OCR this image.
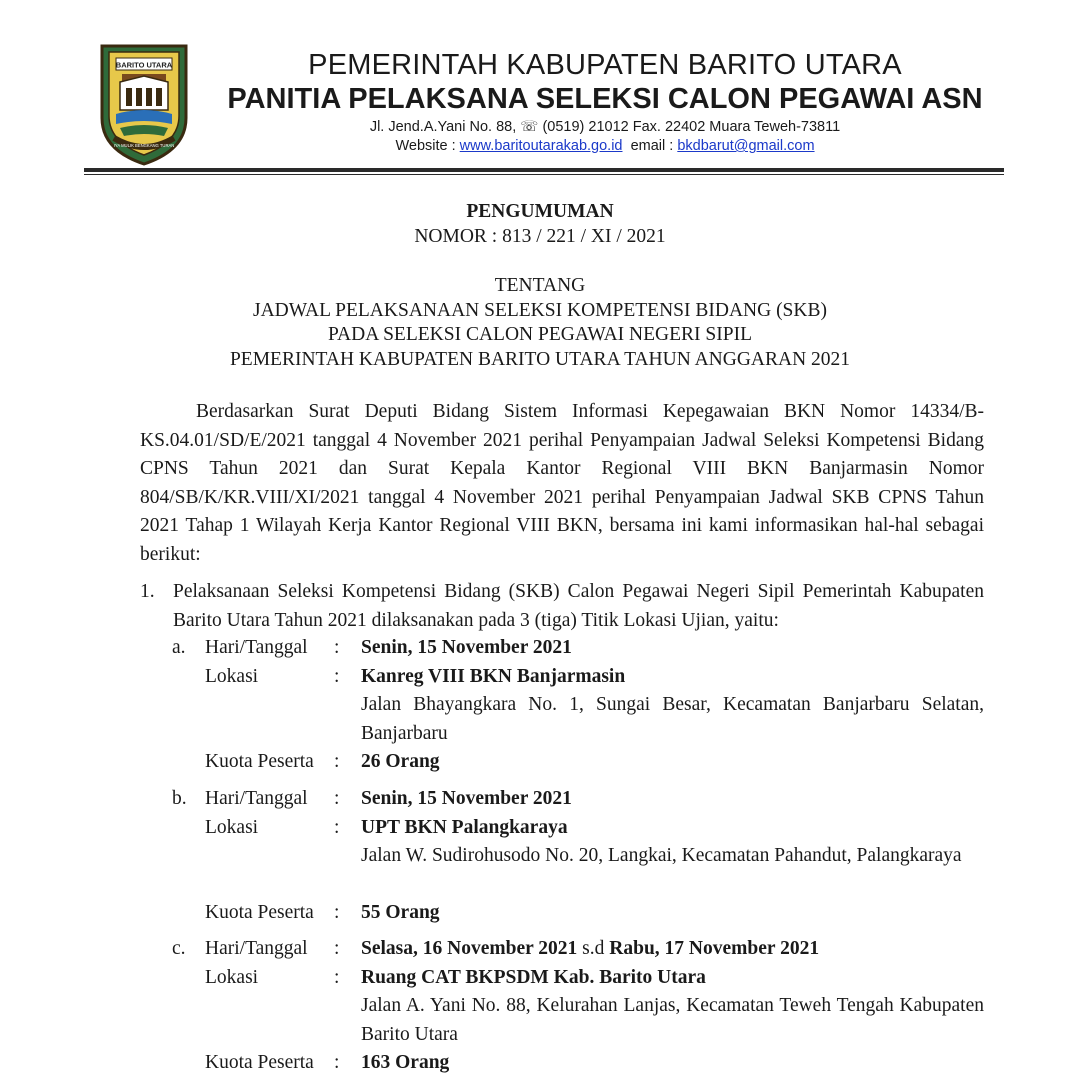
BARITO UTARA
IYA MULIK BENGKANG TURAN
PEMERINTAH KABUPATEN BARITO UTARA
PANITIA PELAKSANA SELEKSI CALON PEGAWAI ASN
Jl. Jend.A.Yani No. 88, ☏ (0519) 21012 Fax. 22402 Muara Teweh-73811
Website : www.baritoutarakab.go.id email : bkdbarut@gmail.com
PENGUMUMAN
NOMOR : 813 / 221 / XI / 2021
TENTANG
JADWAL PELAKSANAAN SELEKSI KOMPETENSI BIDANG (SKB)
PADA SELEKSI CALON PEGAWAI NEGERI SIPIL
PEMERINTAH KABUPATEN BARITO UTARA TAHUN ANGGARAN 2021
Berdasarkan Surat Deputi Bidang Sistem Informasi Kepegawaian BKN Nomor 14334/B-KS.04.01/SD/E/2021 tanggal 4 November 2021 perihal Penyampaian Jadwal Seleksi Kompetensi Bidang CPNS Tahun 2021 dan Surat Kepala Kantor Regional VIII BKN Banjarmasin Nomor 804/SB/K/KR.VIII/XI/2021 tanggal 4 November 2021 perihal Penyampaian Jadwal SKB CPNS Tahun 2021 Tahap 1 Wilayah Kerja Kantor Regional VIII BKN, bersama ini kami informasikan hal-hal sebagai berikut:
1. Pelaksanaan Seleksi Kompetensi Bidang (SKB) Calon Pegawai Negeri Sipil Pemerintah Kabupaten Barito Utara Tahun 2021 dilaksanakan pada 3 (tiga) Titik Lokasi Ujian, yaitu:
a. Hari/Tanggal : Senin, 15 November 2021
Lokasi	: Kanreg VIII BKN Banjarmasin
Jalan Bhayangkara No. 1, Sungai Besar, Kecamatan Banjarbaru Selatan, Banjarbaru
Kuota Peserta : 26 Orang
b. Hari/Tanggal : Senin, 15 November 2021
Lokasi	: UPT BKN Palangkaraya
Jalan W. Sudirohusodo No. 20, Langkai, Kecamatan Pahandut, Palangkaraya
Kuota Peserta : 55 Orang
c. Hari/Tanggal : Selasa, 16 November 2021 s.d Rabu, 17 November 2021
Lokasi	: Ruang CAT BKPSDM Kab. Barito Utara
Jalan A. Yani No. 88, Kelurahan Lanjas, Kecamatan Teweh Tengah Kabupaten Barito Utara
Kuota Peserta : 163 Orang
